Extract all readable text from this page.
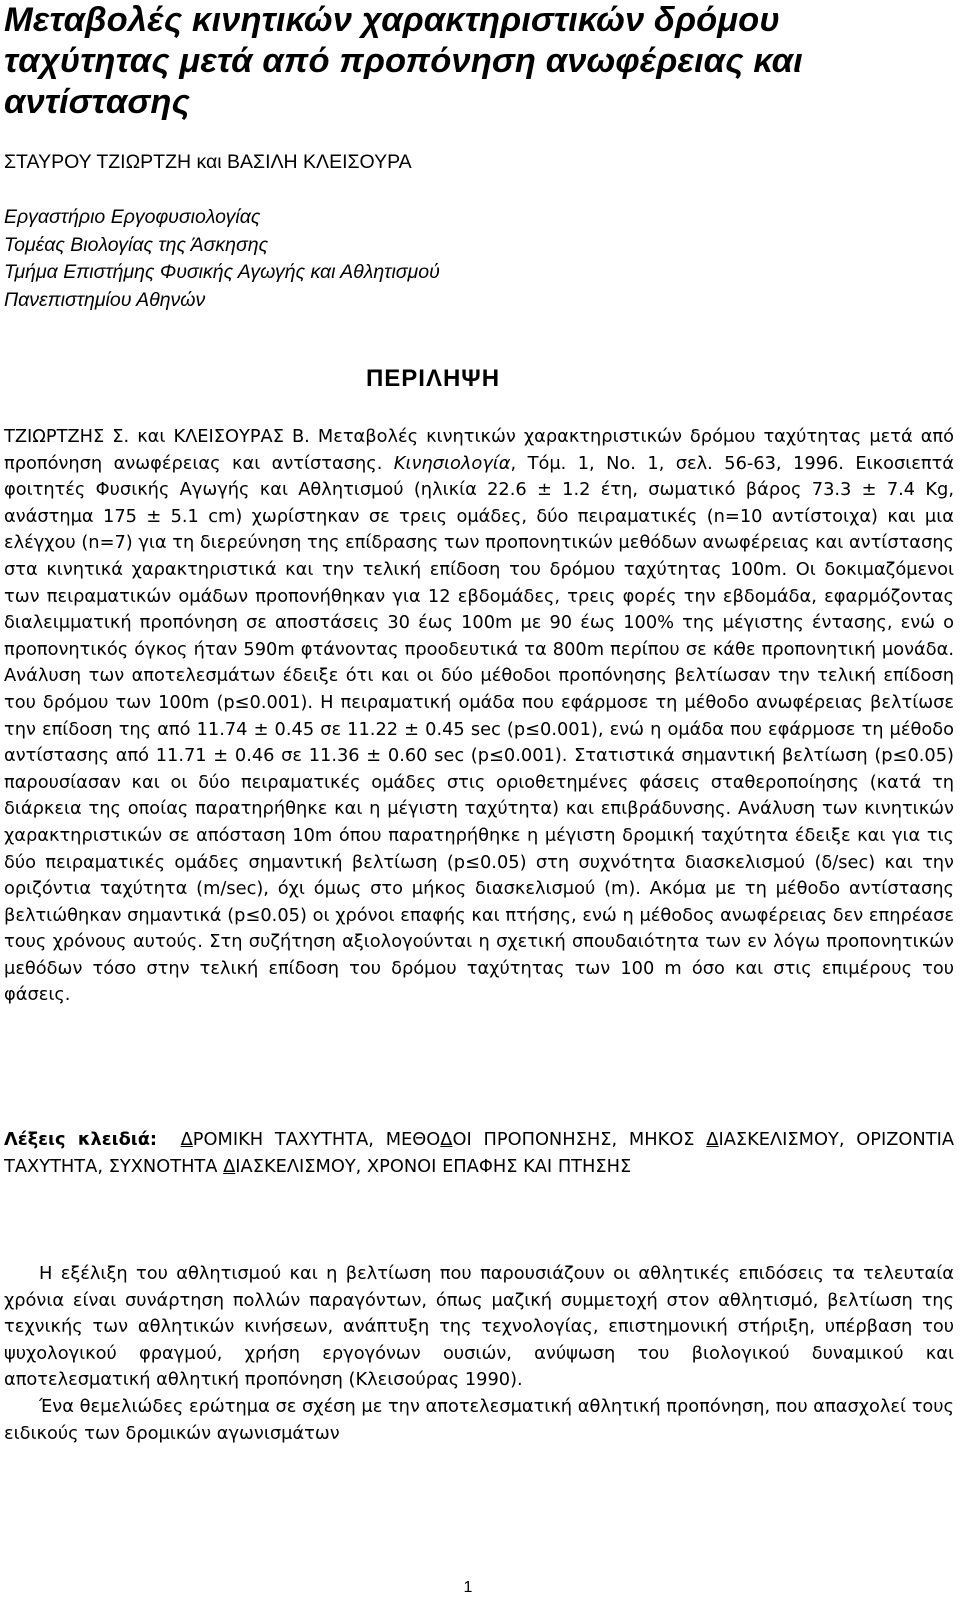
Μεταβολές κινητικών χαρακτηριστικών δρόμου ταχύτητας μετά από προπόνηση ανωφέρειας και αντίστασης
ΣΤΑΥΡΟΥ ΤΖΙΩΡΤΖΗ και ΒΑΣΙΛΗ ΚΛΕΙΣΟΥΡΑ
Εργαστήριο Εργοφυσιολογίας
Τομέας Βιολογίας της Άσκησης
Τμήμα Επιστήμης Φυσικής Αγωγής και Αθλητισμού
Πανεπιστημίου Αθηνών
ΠΕΡΙΛΗΨΗ

ΤΖΙΩΡΤΖΗΣ Σ. και ΚΛΕΙΣΟΥΡΑΣ Β. Μεταβολές κινητικών χαρακτηριστικών δρόμου ταχύτητας μετά από προπόνηση ανωφέρειας και αντίστασης. Κινησιολογία, Τόμ. 1, Νο. 1, σελ. 56-63, 1996. Εικοσιεπτά φοιτητές Φυσικής Αγωγής και Αθλητισμού (ηλικία 22.6 ± 1.2 έτη, σωματικό βάρος 73.3 ± 7.4 Kg, ανάστημα 175 ± 5.1 cm) χωρίστηκαν σε τρεις ομάδες, δύο πειραματικές (n=10 αντίστοιχα) και μια ελέγχου (n=7) για τη διερεύνηση της επίδρασης των προπονητικών μεθόδων ανωφέρειας και αντίστασης στα κινητικά χαρακτηριστικά και την τελική επίδοση του δρόμου ταχύτητας 100m. Οι δοκιμαζόμενοι των πειραματικών ομάδων προπονήθηκαν για 12 εβδομάδες, τρεις φορές την εβδομάδα, εφαρμόζοντας διαλειμματική προπόνηση σε αποστάσεις 30 έως 100m με 90 έως 100% της μέγιστης έντασης, ενώ ο προπονητικός όγκος ήταν 590m φτάνοντας προοδευτικά τα 800m περίπου σε κάθε προπονητική μονάδα. Ανάλυση των αποτελεσμάτων έδειξε ότι και οι δύο μέθοδοι προπόνησης βελτίωσαν την τελική επίδοση του δρόμου των 100m (p≤0.001). Η πειραματική ομάδα που εφάρμοσε τη μέθοδο ανωφέρειας βελτίωσε την επίδοση της από 11.74 ± 0.45 σε 11.22 ± 0.45 sec (p≤0.001), ενώ η ομάδα που εφάρμοσε τη μέθοδο αντίστασης από 11.71 ± 0.46 σε 11.36 ± 0.60 sec (p≤0.001). Στατιστικά σημαντική βελτίωση (p≤0.05) παρουσίασαν και οι δύο πειραματικές ομάδες στις οριοθετημένες φάσεις σταθεροποίησης (κατά τη διάρκεια της οποίας παρατηρήθηκε και η μέγιστη ταχύτητα) και επιβράδυνσης. Ανάλυση των κινητικών χαρακτηριστικών σε απόσταση 10m όπου παρατηρήθηκε η μέγιστη δρομική ταχύτητα έδειξε και για τις δύο πειραματικές ομάδες σημαντική βελτίωση (p≤0.05) στη συχνότητα διασκελισμού (δ/sec) και την οριζόντια ταχύτητα (m/sec), όχι όμως στο μήκος διασκελισμού (m). Ακόμα με τη μέθοδο αντίστασης βελτιώθηκαν σημαντικά (p≤0.05) οι χρόνοι επαφής και πτήσης, ενώ η μέθοδος ανωφέρειας δεν επηρέασε τους χρόνους αυτούς. Στη συζήτηση αξιολογούνται η σχετική σπουδαιότητα των εν λόγω προπονητικών μεθόδων τόσο στην τελική επίδοση του δρόμου ταχύτητας των 100 m όσο και στις επιμέρους του φάσεις.

Λέξεις κλειδιά: ΔΡΟΜΙΚΗ ΤΑΧΥΤΗΤΑ, ΜΕΘΟΔΟΙ ΠΡΟΠΟΝΗΣΗΣ, ΜΗΚΟΣ ΔΙΑΣΚΕΛΙΣΜΟΥ, ΟΡΙΖΟΝΤΙΑ ΤΑΧΥΤΗΤΑ, ΣΥΧΝΟΤΗΤΑ ΔΙΑΣΚΕΛΙΣΜΟΥ, ΧΡΟΝΟΙ ΕΠΑΦΗΣ ΚΑΙ ΠΤΗΣΗΣ

Η εξέλιξη του αθλητισμού και η βελτίωση που παρουσιάζουν οι αθλητικές επιδόσεις τα τελευταία χρόνια είναι συνάρτηση πολλών παραγόντων, όπως μαζική συμμετοχή στον αθλητισμό, βελτίωση της τεχνικής των αθλητικών κινήσεων, ανάπτυξη της τεχνολογίας, επιστημονική στήριξη, υπέρβαση του ψυχολογικού φραγμού, χρήση εργογόνων ουσιών, ανύψωση του βιολογικού δυναμικού και αποτελεσματική αθλητική προπόνηση (Κλεισούρας 1990).

Ένα θεμελιώδες ερώτημα σε σχέση με την αποτελεσματική αθλητική προπόνηση, που απασχολεί τους ειδικούς των δρομικών αγωνισμάτων

1
